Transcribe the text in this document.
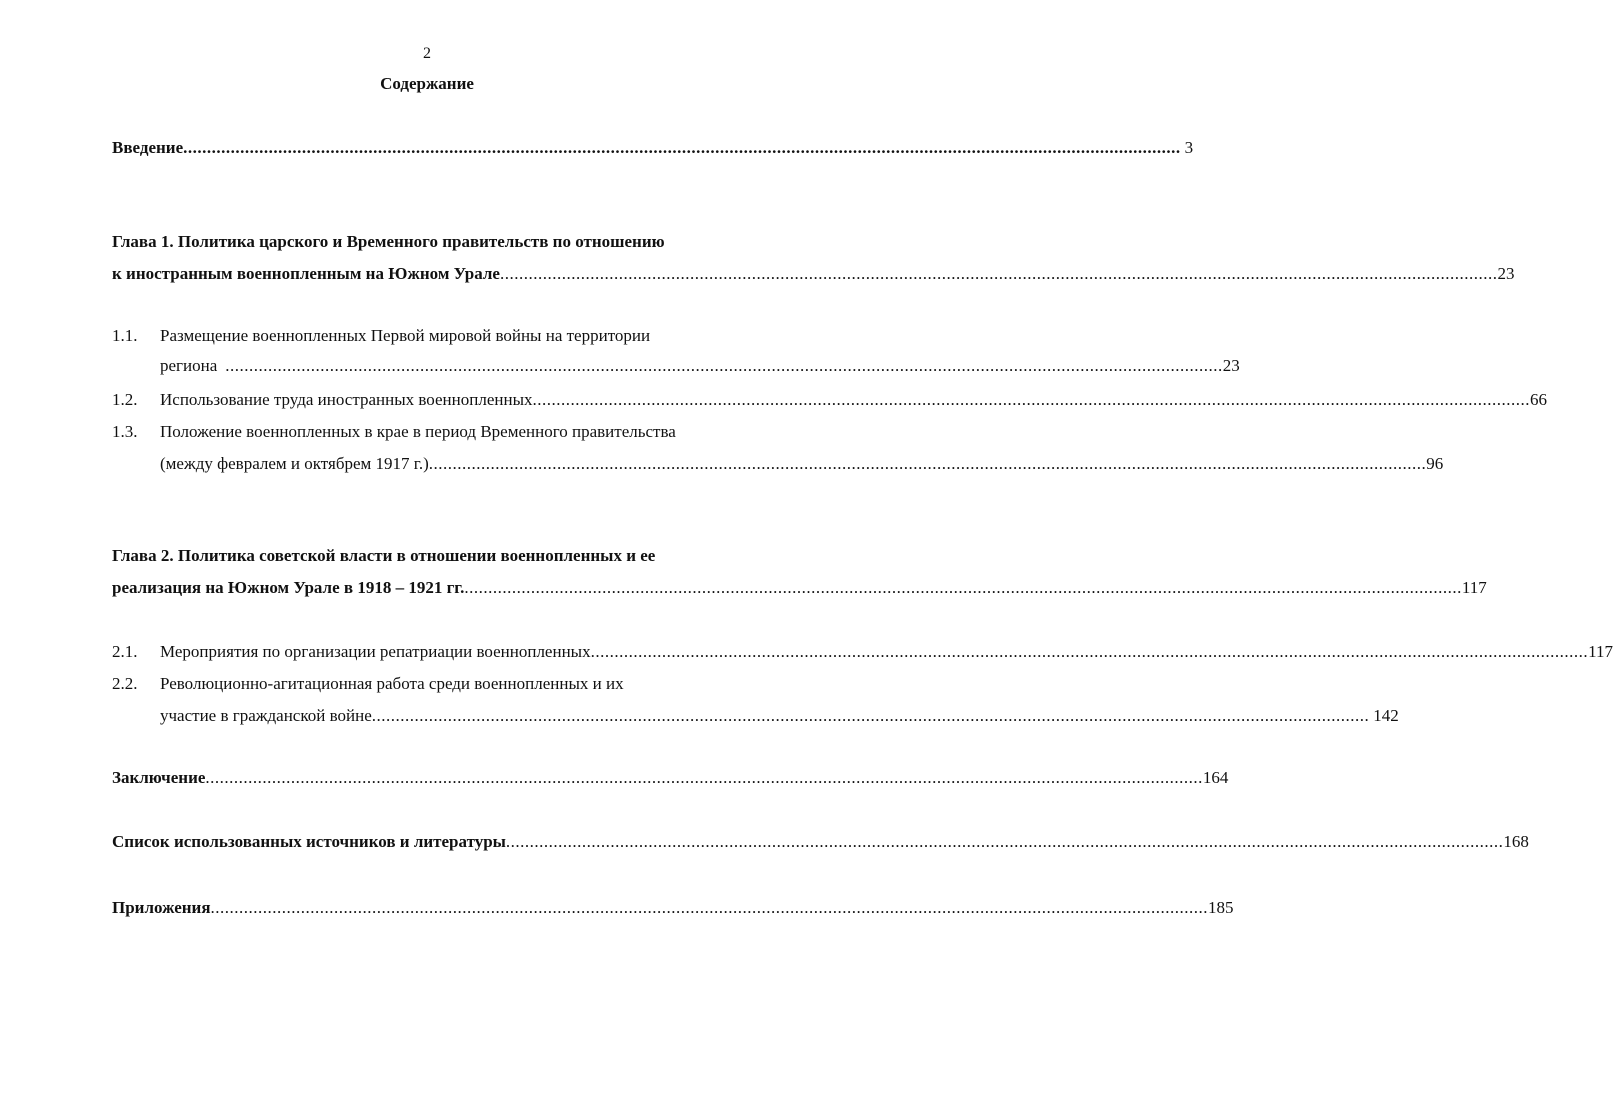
2
Содержание
Введение .................................................................................................................................................................................................................. 3
Глава 1. Политика царского и Временного правительств по отношению
к иностранным военнопленным на Южном Урале .................................................................................................................................................................................................................. 23
1.1. Размещение военнопленных Первой мировой войны на территории
региона .................................................................................................................................................................................................................. 23
1.2. Использование труда иностранных военнопленных .................................................................................................................................................................................................................. 66
1.3. Положение военнопленных в крае в период Временного правительства
(между февралем и октябрем 1917 г.) .................................................................................................................................................................................................................. 96
Глава 2. Политика советской власти в отношении военнопленных и ее
реализация на Южном Урале в 1918 – 1921 гг. .................................................................................................................................................................................................................. 117
2.1. Мероприятия по организации репатриации военнопленных .................................................................................................................................................................................................................. 117
2.2. Революционно-агитационная работа среди военнопленных и их
участие в гражданской войне .................................................................................................................................................................................................................. 142
Заключение .................................................................................................................................................................................................................. 164
Список использованных источников и литературы .................................................................................................................................................................................................................. 168
Приложения .................................................................................................................................................................................................................. 185
